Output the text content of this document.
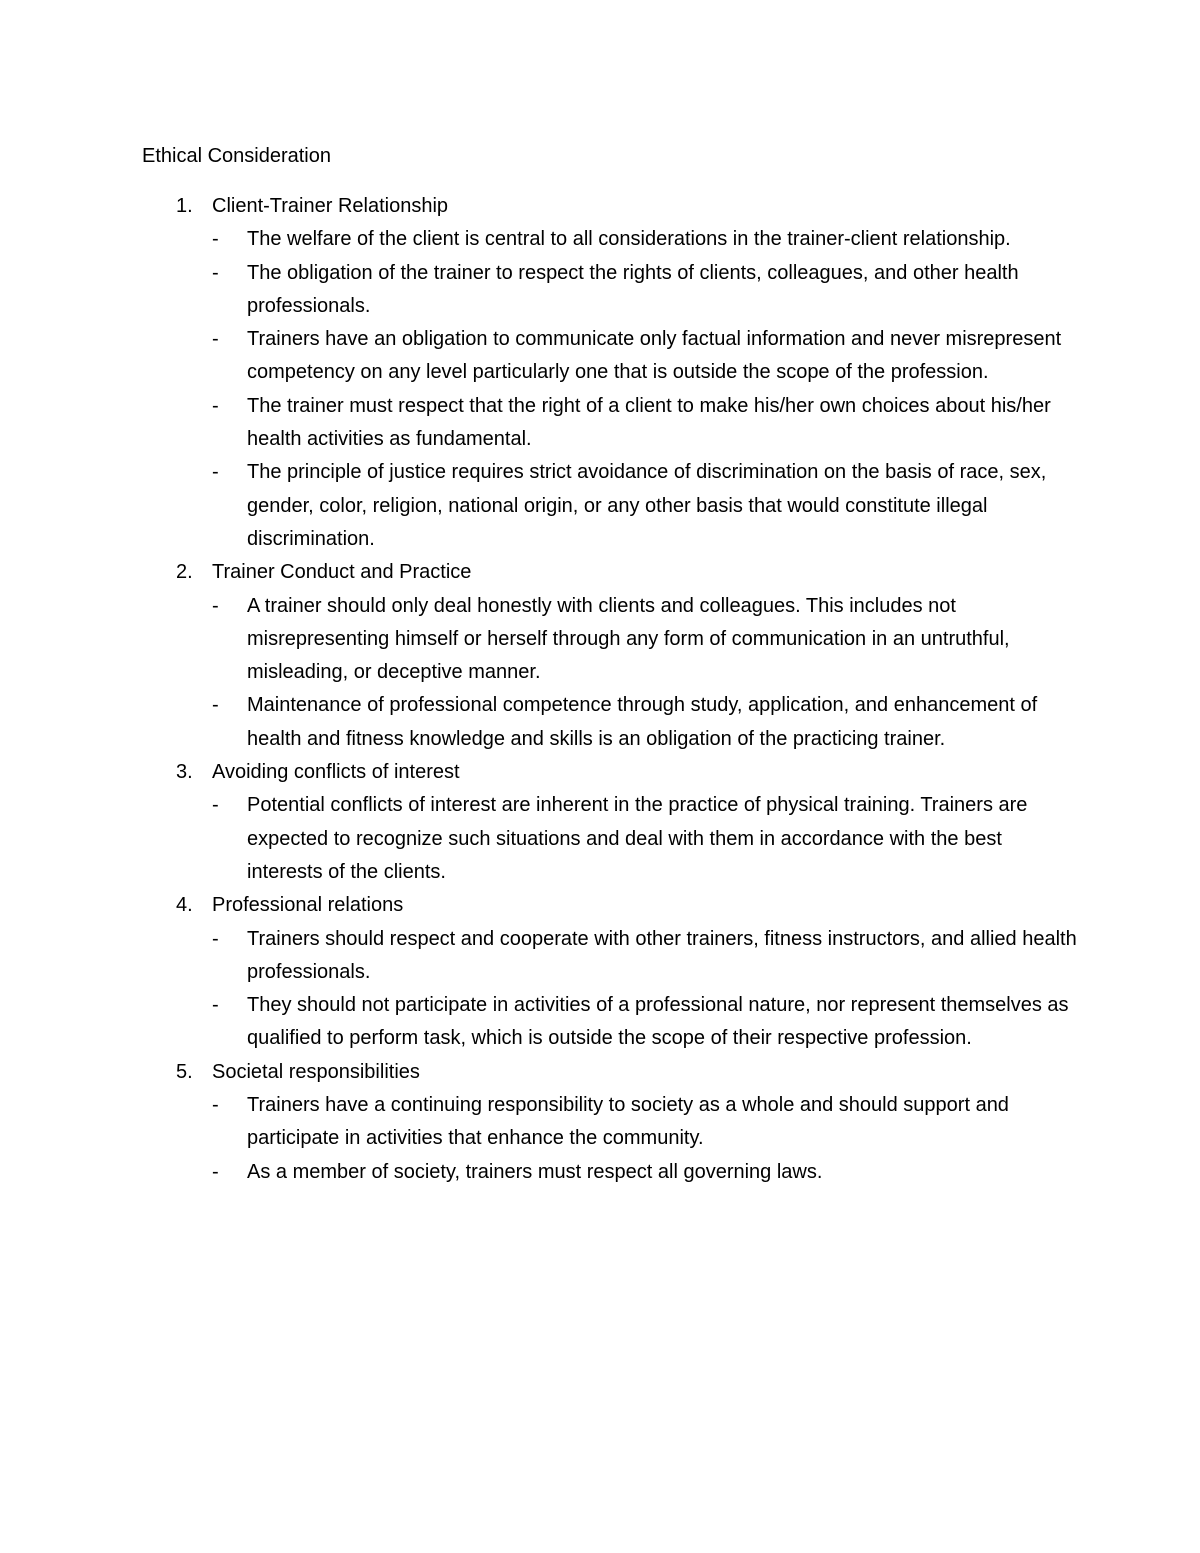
Ethical Consideration
1. Client-Trainer Relationship
- The welfare of the client is central to all considerations in the trainer-client relationship.
- The obligation of the trainer to respect the rights of clients, colleagues, and other health professionals.
- Trainers have an obligation to communicate only factual information and never misrepresent competency on any level particularly one that is outside the scope of the profession.
- The trainer must respect that the right of a client to make his/her own choices about his/her health activities as fundamental.
- The principle of justice requires strict avoidance of discrimination on the basis of race, sex, gender, color, religion, national origin, or any other basis that would constitute illegal discrimination.
2. Trainer Conduct and Practice
- A trainer should only deal honestly with clients and colleagues. This includes not misrepresenting himself or herself through any form of communication in an untruthful, misleading, or deceptive manner.
- Maintenance of professional competence through study, application, and enhancement of health and fitness knowledge and skills is an obligation of the practicing trainer.
3. Avoiding conflicts of interest
- Potential conflicts of interest are inherent in the practice of physical training. Trainers are expected to recognize such situations and deal with them in accordance with the best interests of the clients.
4. Professional relations
- Trainers should respect and cooperate with other trainers, fitness instructors, and allied health professionals.
- They should not participate in activities of a professional nature, nor represent themselves as qualified to perform task, which is outside the scope of their respective profession.
5. Societal responsibilities
- Trainers have a continuing responsibility to society as a whole and should support and participate in activities that enhance the community.
- As a member of society, trainers must respect all governing laws.
